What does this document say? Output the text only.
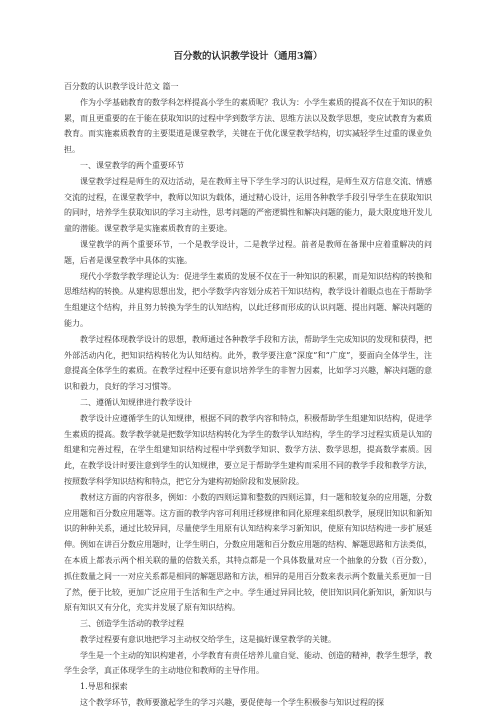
百分数的认识教学设计（通用3篇）

百分数的认识教学设计范文 篇一

作为小学基础教育的数学科怎样提高小学生的素质呢？我认为：小学生素质的提高不仅在于知识的积累，而且更重要的在于能在获取知识的过程中学到数学方法、思维方法以及数学思想，变应试教育为素质教育。而实施素质教育的主要渠道是课堂教学，关键在于优化课堂教学结构，切实减轻学生过重的课业负担。

一、课堂教学的两个重要环节

课堂教学过程是师生的双边活动，是在教师主导下学生学习的认识过程，是师生双方信息交流、情感交流的过程，在课堂教学中，教师以知识为载体，通过精心设计，运用各种教学手段引导学生在获取知识的同时，培养学生获取知识的学习主动性，思考问题的严密逻辑性和解决问题的能力，最大限度地开发儿童的潜能。课堂教学是实施素质教育的主要途。

课堂教学的两个重要环节，一个是教学设计，二是教学过程。前者是教师在备课中应着重解决的问题，后者是课堂教学中具体的实施。

现代小学数学教学理论认为：促进学生素质的发展不仅在于一种知识的积累，而是知识结构的转换和思维结构的转换。从建构思想出发，把小学数学内容划分成若干知识结构，教学设计着眼点也在于帮助学生组建这个结构，并且努力转换为学生的认知结构，以此迁移而形成的认识问题、提出问题、解决问题的能力。

教学过程体现教学设计的思想，教师通过各种教学手段和方法，帮助学生完成知识的发现和获得，把外部活动内化，把知识结构转化为认知结构。此外，教学要注意“深度”和“广度”，要面向全体学生，注意提高全体学生的素质。在教学过程中还要有意识培养学生的非智力因素，比如学习兴趣，解决问题的意识和毅力，良好的学习习惯等。

二、遵循认知规律进行教学设计

教学设计应遵循学生的认知规律，根据不同的教学内容和特点，积极帮助学生组建知识结构，促进学生素质的提高。数学教学就是把数学知识结构转化为学生的数学认知结构，学生的学习过程实质是认知的组建和完善过程，在学生组建知识结构过程中学到数学知识、数学方法、数学思想，提高数学素质。因此，在教学设计时要注意到学生的认知规律，要立足于帮助学生建构而采用不同的教学手段和教学方法，按照数学科学知识结构和特点，把它分为建构初始阶段和发展阶段。

教材这方面的内容很多，例如：小数的四则运算和整数的四则运算，归一题和较复杂的应用题，分数应用题和百分数应用题等。这方面的教学内容可利用迁移规律和同化原理来组织教学，展现旧知识和新知识的种种关系，通过比较异同，尽量使学生用原有认知结构来学习新知识，使原有知识结构进一步扩展延伸。例如在讲百分数应用题时，让学生明白，分数应用题和百分数应用题的结构、解题思路和方法类似，在本质上都表示两个相关联的量的倍数关系，其特点都是一个具体数量对应一个抽象的分数（百分数），抓住数量之间一一对应关系都是相同的解题思路和方法，相异的是用百分数来表示两个数量关系更加一目了然，便于比较，更加广泛应用于生活和生产之中。学生通过异同比较，使旧知识同化新知识，新知识与原有知识又有分化，充实并发展了原有知识结构。

三、创造学生活动的教学过程

教学过程要有意识地把学习主动权交给学生，这是搞好课堂教学的关键。

学生是一个主动的知识构建者，小学教育有责任培养儿童自觉、能动、创造的精神，教学生想学，教学生会学，真正体现学生的主动地位和教师的主导作用。

1.导思和探索

这个教学环节，教师要激起学生的学习兴趣，要促使每一个学生积极参与知识过程的探
